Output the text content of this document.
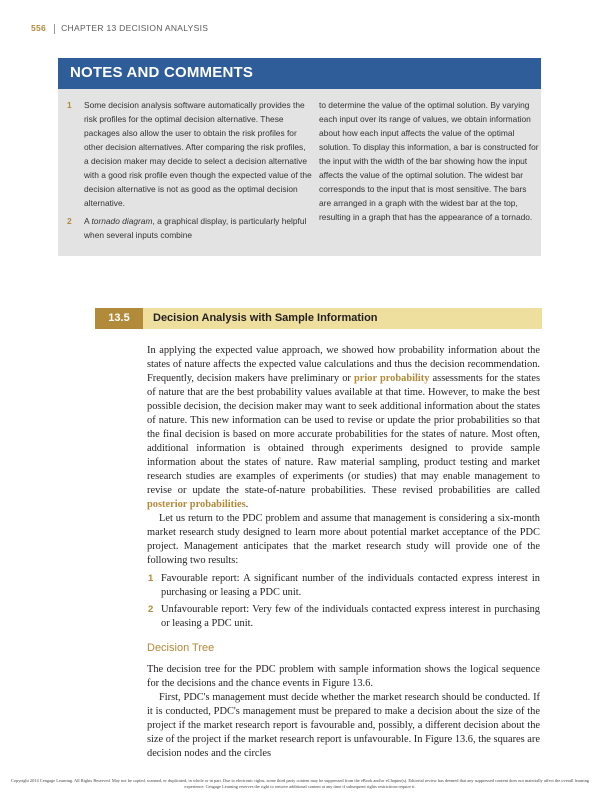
556 CHAPTER 13 DECISION ANALYSIS
NOTES AND COMMENTS
1 Some decision analysis software automatically provides the risk profiles for the optimal decision alternative. These packages also allow the user to obtain the risk profiles for other decision alternatives. After comparing the risk profiles, a decision maker may decide to select a decision alternative with a good risk profile even though the expected value of the decision alternative is not as good as the optimal decision alternative.
2 A tornado diagram, a graphical display, is particularly helpful when several inputs combine
to determine the value of the optimal solution. By varying each input over its range of values, we obtain information about how each input affects the value of the optimal solution. To display this information, a bar is constructed for the input with the width of the bar showing how the input affects the value of the optimal solution. The widest bar corresponds to the input that is most sensitive. The bars are arranged in a graph with the widest bar at the top, resulting in a graph that has the appearance of a tornado.
13.5	Decision Analysis with Sample Information

In applying the expected value approach, we showed how probability information about the states of nature affects the expected value calculations and thus the decision recommendation. Frequently, decision makers have preliminary or prior probability assessments for the states of nature that are the best probability values available at that time. However, to make the best possible decision, the decision maker may want to seek additional information about the states of nature. This new information can be used to revise or update the prior probabilities so that the final decision is based on more accurate probabilities for the states of nature. Most often, additional information is obtained through experiments designed to provide sample information about the states of nature. Raw material sampling, product testing and market research studies are examples of experiments (or studies) that may enable management to revise or update the state-of-nature probabilities. These revised probabilities are called posterior probabilities.

Let us return to the PDC problem and assume that management is considering a six-month market research study designed to learn more about potential market acceptance of the PDC project. Management anticipates that the market research study will provide one of the following two results:

1 Favourable report: A significant number of the individuals contacted express interest in purchasing or leasing a PDC unit.
2 Unfavourable report: Very few of the individuals contacted express interest in purchasing or leasing a PDC unit.
Decision Tree

The decision tree for the PDC problem with sample information shows the logical sequence for the decisions and the chance events in Figure 13.6.

First, PDC's management must decide whether the market research should be conducted. If it is conducted, PDC's management must be prepared to make a decision about the size of the project if the market research report is favourable and, possibly, a different decision about the size of the project if the market research report is unfavourable. In Figure 13.6, the squares are decision nodes and the circles

Copyright 2014 Cengage Learning. All Rights Reserved. May not be copied, scanned, or duplicated, in whole or in part. Due to electronic rights, some third party content may be suppressed from the eBook and/or eChapter(s). Editorial review has deemed that any suppressed content does not materially affect the overall learning experience. Cengage Learning reserves the right to remove additional content at any time if subsequent rights restrictions require it.
